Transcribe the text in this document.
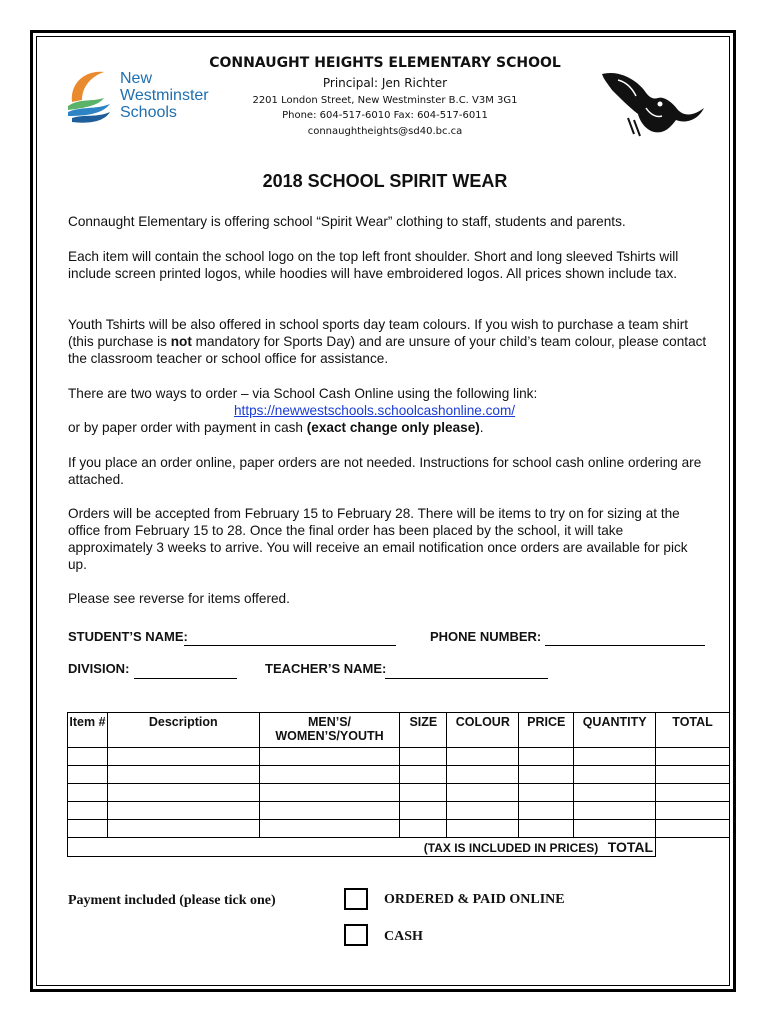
New
Westminster
Schools
CONNAUGHT HEIGHTS ELEMENTARY SCHOOL
Principal: Jen Richter
2201 London Street, New Westminster B.C. V3M 3G1
Phone: 604-517-6010 Fax: 604-517-6011
connaughtheights@sd40.bc.ca
2018 SCHOOL SPIRIT WEAR

Connaught Elementary is offering school “Spirit Wear” clothing to staff, students and parents.

Each item will contain the school logo on the top left front shoulder. Short and long sleeved Tshirts will include screen printed logos, while hoodies will have embroidered logos. All prices shown include tax.

Youth Tshirts will be also offered in school sports day team colours. If you wish to purchase a team shirt (this purchase is not mandatory for Sports Day) and are unsure of your child’s team colour, please contact the classroom teacher or school office for assistance.

There are two ways to order – via School Cash Online using the following link:

https://newwestschools.schoolcashonline.com/

or by paper order with payment in cash (exact change only please).

If you place an order online, paper orders are not needed. Instructions for school cash online ordering are attached.

Orders will be accepted from February 15 to February 28. There will be items to try on for sizing at the office from February 15 to 28. Once the final order has been placed by the school, it will take approximately 3 weeks to arrive. You will receive an email notification once orders are available for pick up.

Please see reverse for items offered.

STUDENT’S NAME:	PHONE NUMBER:
DIVISION:	TEACHER’S NAME:
Item #	Description	MEN’S/ WOMEN’S/YOUTH	SIZE	COLOUR	PRICE	QUANTITY	TOTAL

(TAX IS INCLUDED IN PRICES) TOTAL							
Payment included (please tick one)	ORDERED & PAID ONLINE
CASH
